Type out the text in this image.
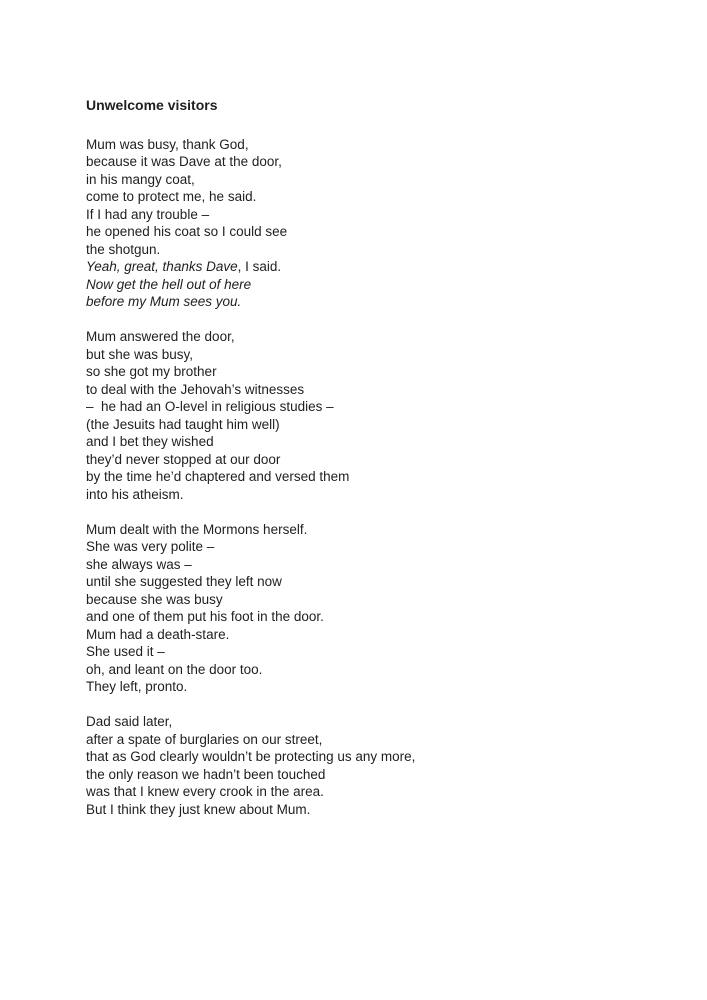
Unwelcome visitors
Mum was busy, thank God,
because it was Dave at the door,
in his mangy coat,
come to protect me, he said.
If I had any trouble –
he opened his coat so I could see
the shotgun.
Yeah, great, thanks Dave, I said.
Now get the hell out of here
before my Mum sees you.
Mum answered the door,
but she was busy,
so she got my brother
to deal with the Jehovah’s witnesses
–  he had an O-level in religious studies –
(the Jesuits had taught him well)
and I bet they wished
they’d never stopped at our door
by the time he’d chaptered and versed them
into his atheism.
Mum dealt with the Mormons herself.
She was very polite –
she always was –
until she suggested they left now
because she was busy
and one of them put his foot in the door.
Mum had a death-stare.
She used it –
oh, and leant on the door too.
They left, pronto.
Dad said later,
after a spate of burglaries on our street,
that as God clearly wouldn’t be protecting us any more,
the only reason we hadn’t been touched
was that I knew every crook in the area.
But I think they just knew about Mum.
